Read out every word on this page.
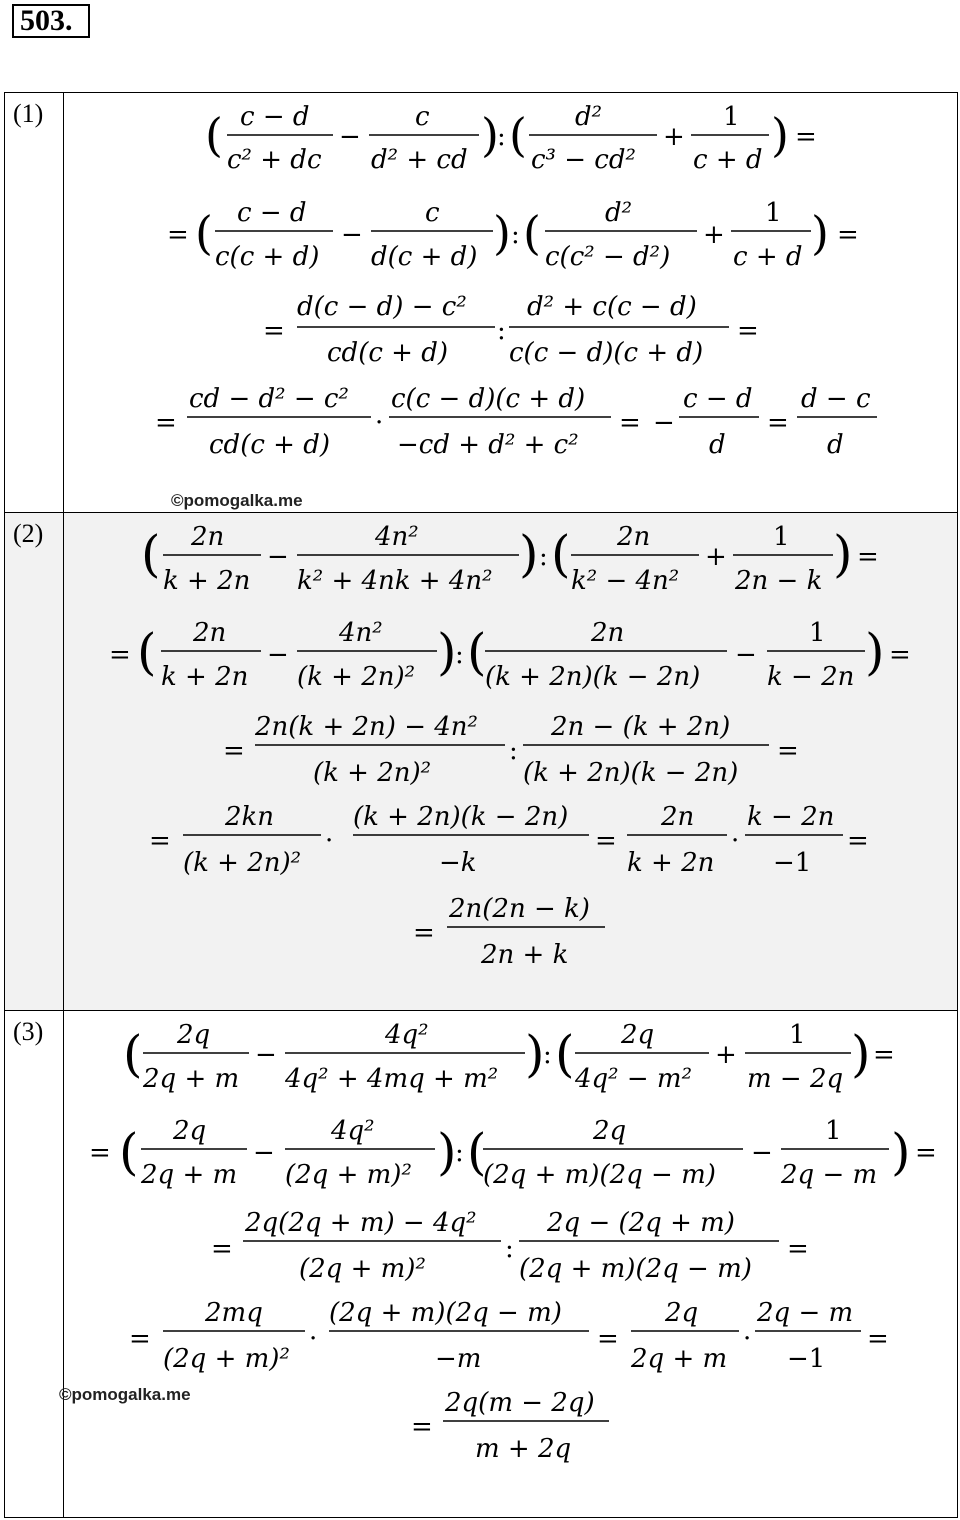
503.
(1)	( c − d
c² + dc
−
c
d² + cd )
: ( d²
c³ − cd²
+
1
c + d ) =
= ( c − d
c(c + d)
−
c
d(c + d) ) : ( d²
c(c² − d²)
+
1
c + d ) =
=
d(c − d) − c²
cd(c + d)
:
d² + c(c − d)
c(c − d)(c + d)
=
=
cd − d² − c²
cd(c + d)
·
c(c − d)(c + d)
−cd + d² + c²
= −
c − d
d
=
d − c
d
©pomogalka.me
(2) ( 2n
k + 2n
−
4n²
k² + 4nk + 4n² ) : ( 2n
k² − 4n²
+
1
2n − k ) =
= ( 2n
k + 2n
−
4n²
(k + 2n)² )
: (	2n
(k + 2n)(k − 2n)
−
1
k − 2n ) =
=
2n(k + 2n) − 4n²
(k + 2n)²
:
2n − (k + 2n)
(k + 2n)(k − 2n)
=
=
2kn
(k + 2n)²
·
(k + 2n)(k − 2n)
−k
=
2n
k + 2n
·
k − 2n
−1
=
=
2n(2n − k)
2n + k
(3) ( 2q
2q + m
−
4q²
4q² + 4mq + m² )
: ( 2q
4q² − m²
+
1
m − 2q ) =
= ( 2q
2q + m
−
4q²
(2q + m)² )
: (	2q
(2q + m)(2q − m)
−
1
2q − m ) =
=
2q(2q + m) − 4q²
(2q + m)²
:
2q − (2q + m)
(2q + m)(2q − m)
=
=
2mq
(2q + m)²
·
(2q + m)(2q − m)
−m
=
2q
2q + m
·
2q − m
−1
=
=
2q(m − 2q)
m + 2q
©pomogalka.me
